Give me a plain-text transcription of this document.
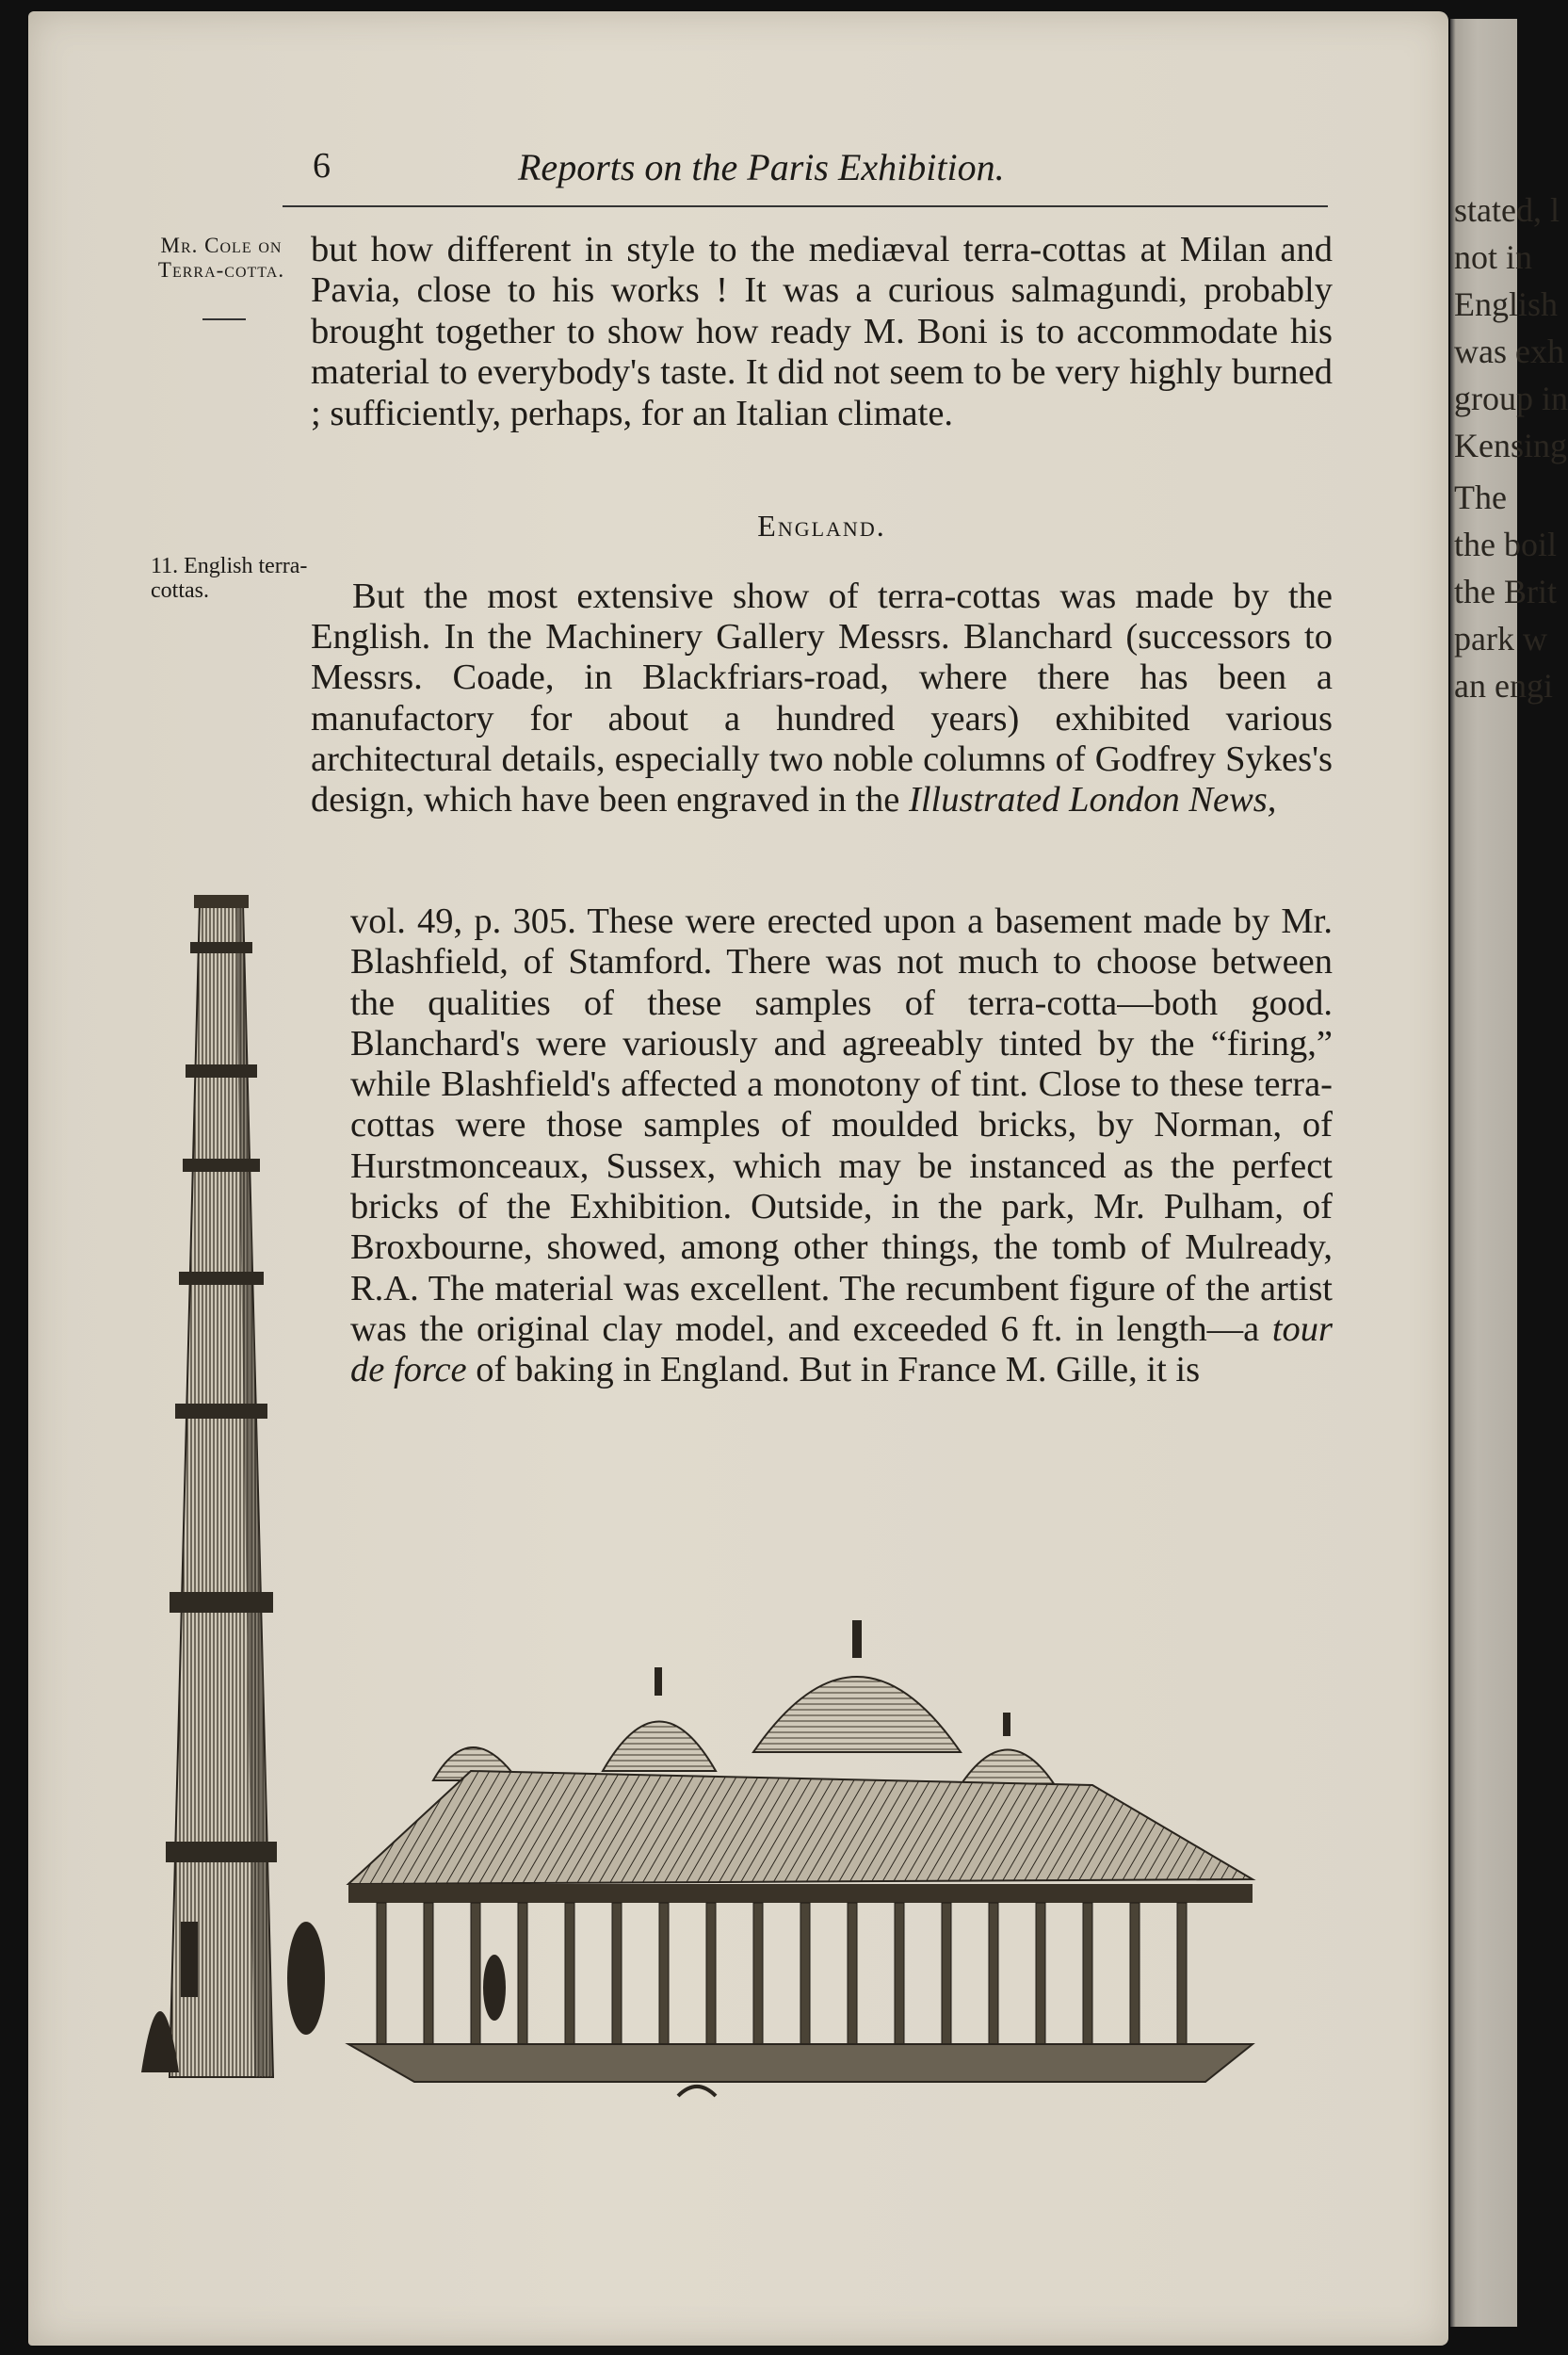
stated, l
not in
English
was exh
group in
Kensing
The
the boil
the Brit
park w
an engi
6	Reports on the Paris Exhibition.
Mr. Cole on Terra-cotta.
11. English terra-cottas.

but how different in style to the mediæval terra-cottas at Milan and Pavia, close to his works ! It was a curious salmagundi, probably brought together to show how ready M. Boni is to accommodate his material to everybody's taste. It did not seem to be very highly burned ; sufficiently, perhaps, for an Italian climate.

England.
But the most extensive show of terra-cottas was made by the English. In the Machinery Gallery Messrs. Blanchard (successors to Messrs. Coade, in Blackfriars-road, where there has been a manufactory for about a hundred years) exhibited various architectural details, especially two noble columns of Godfrey Sykes's design, which have been engraved in the Illustrated London News,
vol. 49, p. 305. These were erected upon a basement made by Mr. Blashfield, of Stamford. There was not much to choose between the qualities of these samples of terra-cotta—both good. Blanchard's were variously and agreeably tinted by the “firing,” while Blashfield's affected a monotony of tint. Close to these terra-cottas were those samples of moulded bricks, by Norman, of Hurstmonceaux, Sussex, which may be instanced as the perfect bricks of the Exhibition. Outside, in the park, Mr. Pulham, of Broxbourne, showed, among other things, the tomb of Mulready, R.A. The material was excellent. The recumbent figure of the artist was the original clay model, and exceeded 6 ft. in length—a tour de force of baking in England. But in France M. Gille, it is
